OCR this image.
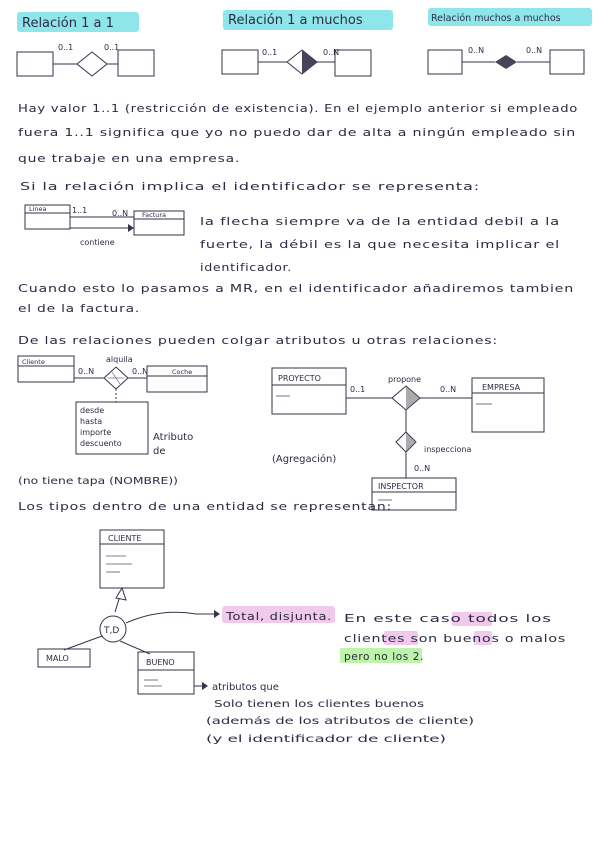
Relación 1 a 1	Relación 1 a muchos	Relación muchos a muchos
0..1	0..1
0..1	0..N	0..N	0..N
Hay valor 1..1 (restricción de existencia). En el ejemplo anterior si empleado
fuera 1..1 significa que yo no puedo dar de alta a ningún empleado sin
que trabaje en una empresa.
Si la relación implica el identificador se representa:
Linea
Factura
1..1	0..N
contiene
la flecha siempre va de la entidad debil a la
fuerte, la débil es la que necesita implicar el
identificador.
Cuando esto lo pasamos a MR, en el identificador añadiremos tambien
el de la factura.
De las relaciones pueden colgar atributos u otras relaciones:
Cliente
Coche
alquila
0..N	0..N
desde
hasta
importe
descuento
Atributo
de
(no tiene tapa (NOMBRE))
PROYECTO
EMPRESA
INSPECTOR
propone
inspecciona
0..1	0..N
0..N
(Agregación)
Los tipos dentro de una entidad se representan:
CLIENTE
T,D
MALO	BUENO
Total, disjunta. En este caso todos los
clientes son buenos o malos
pero no los 2.
atributos que
Solo tienen los clientes buenos
(además de los atributos de cliente)
(y el identificador de cliente)
